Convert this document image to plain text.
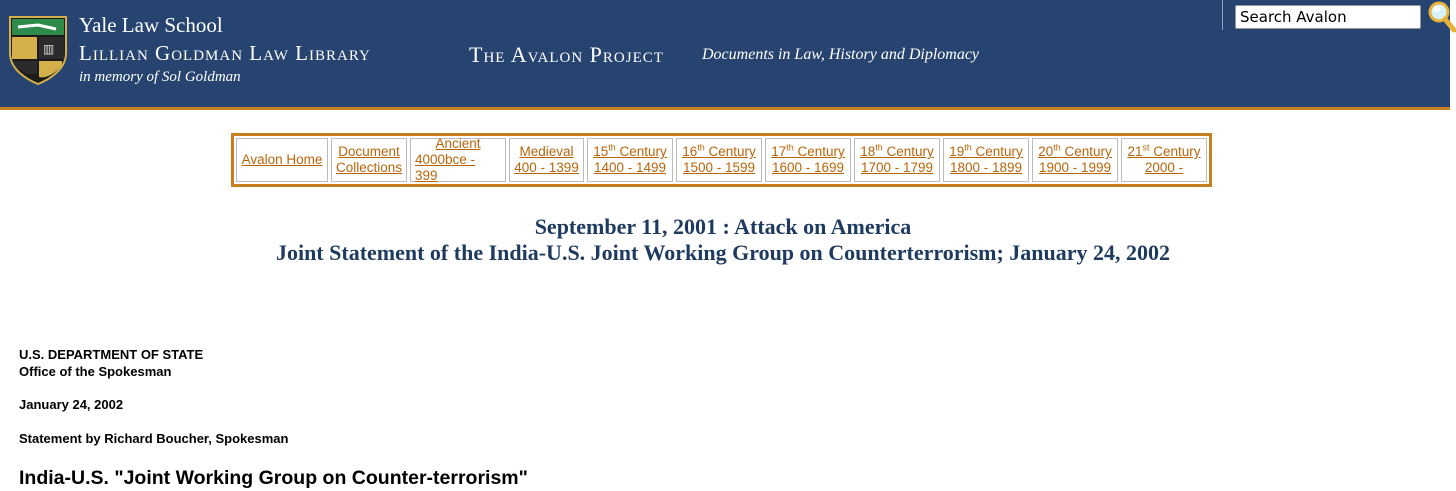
▥
Yale Law School
Lillian Goldman Law Library
in memory of Sol Goldman
The Avalon Project Documents in Law, History and Diplomacy
Search Avalon
Avalon Home
Document
Collections
Ancient
4000bce - 399
Medieval
400 - 1399
15th Century
1400 - 1499
16th Century
1500 - 1599
17th Century
1600 - 1699
18th Century
1700 - 1799
19th Century
1800 - 1899
20th Century
1900 - 1999
21st Century
2000 -
September 11, 2001 : Attack on America
Joint Statement of the India-U.S. Joint Working Group on Counterterrorism; January 24, 2002
U.S. DEPARTMENT OF STATE
Office of the Spokesman
January 24, 2002
Statement by Richard Boucher, Spokesman
India-U.S. "Joint Working Group on Counter-terrorism"
